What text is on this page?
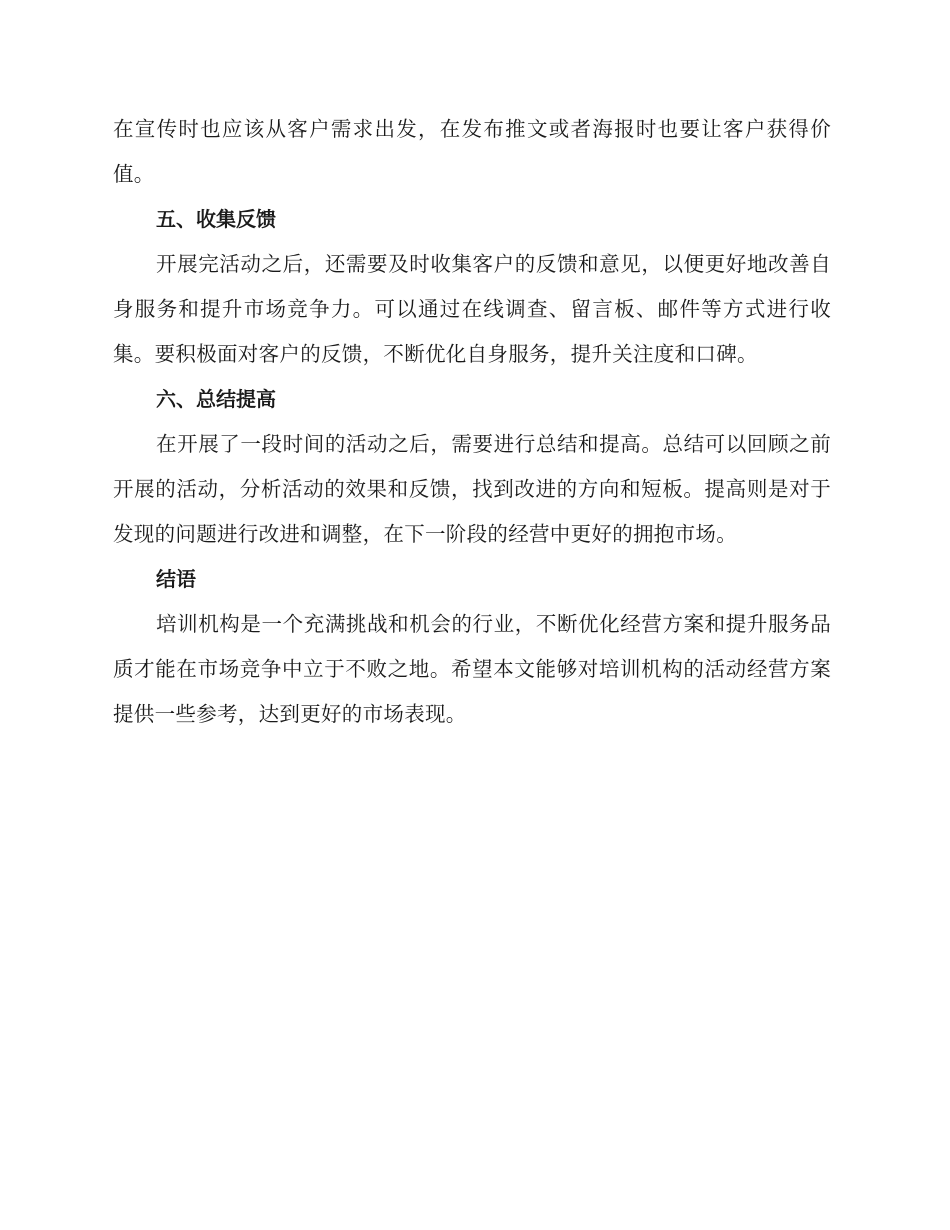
在宣传时也应该从客户需求出发，在发布推文或者海报时也要让客户获得价值。

五、收集反馈

开展完活动之后，还需要及时收集客户的反馈和意见，以便更好地改善自身服务和提升市场竞争力。可以通过在线调查、留言板、邮件等方式进行收集。要积极面对客户的反馈，不断优化自身服务，提升关注度和口碑。

六、总结提高

在开展了一段时间的活动之后，需要进行总结和提高。总结可以回顾之前开展的活动，分析活动的效果和反馈，找到改进的方向和短板。提高则是对于发现的问题进行改进和调整，在下一阶段的经营中更好的拥抱市场。

结语

培训机构是一个充满挑战和机会的行业，不断优化经营方案和提升服务品质才能在市场竞争中立于不败之地。希望本文能够对培训机构的活动经营方案提供一些参考，达到更好的市场表现。
